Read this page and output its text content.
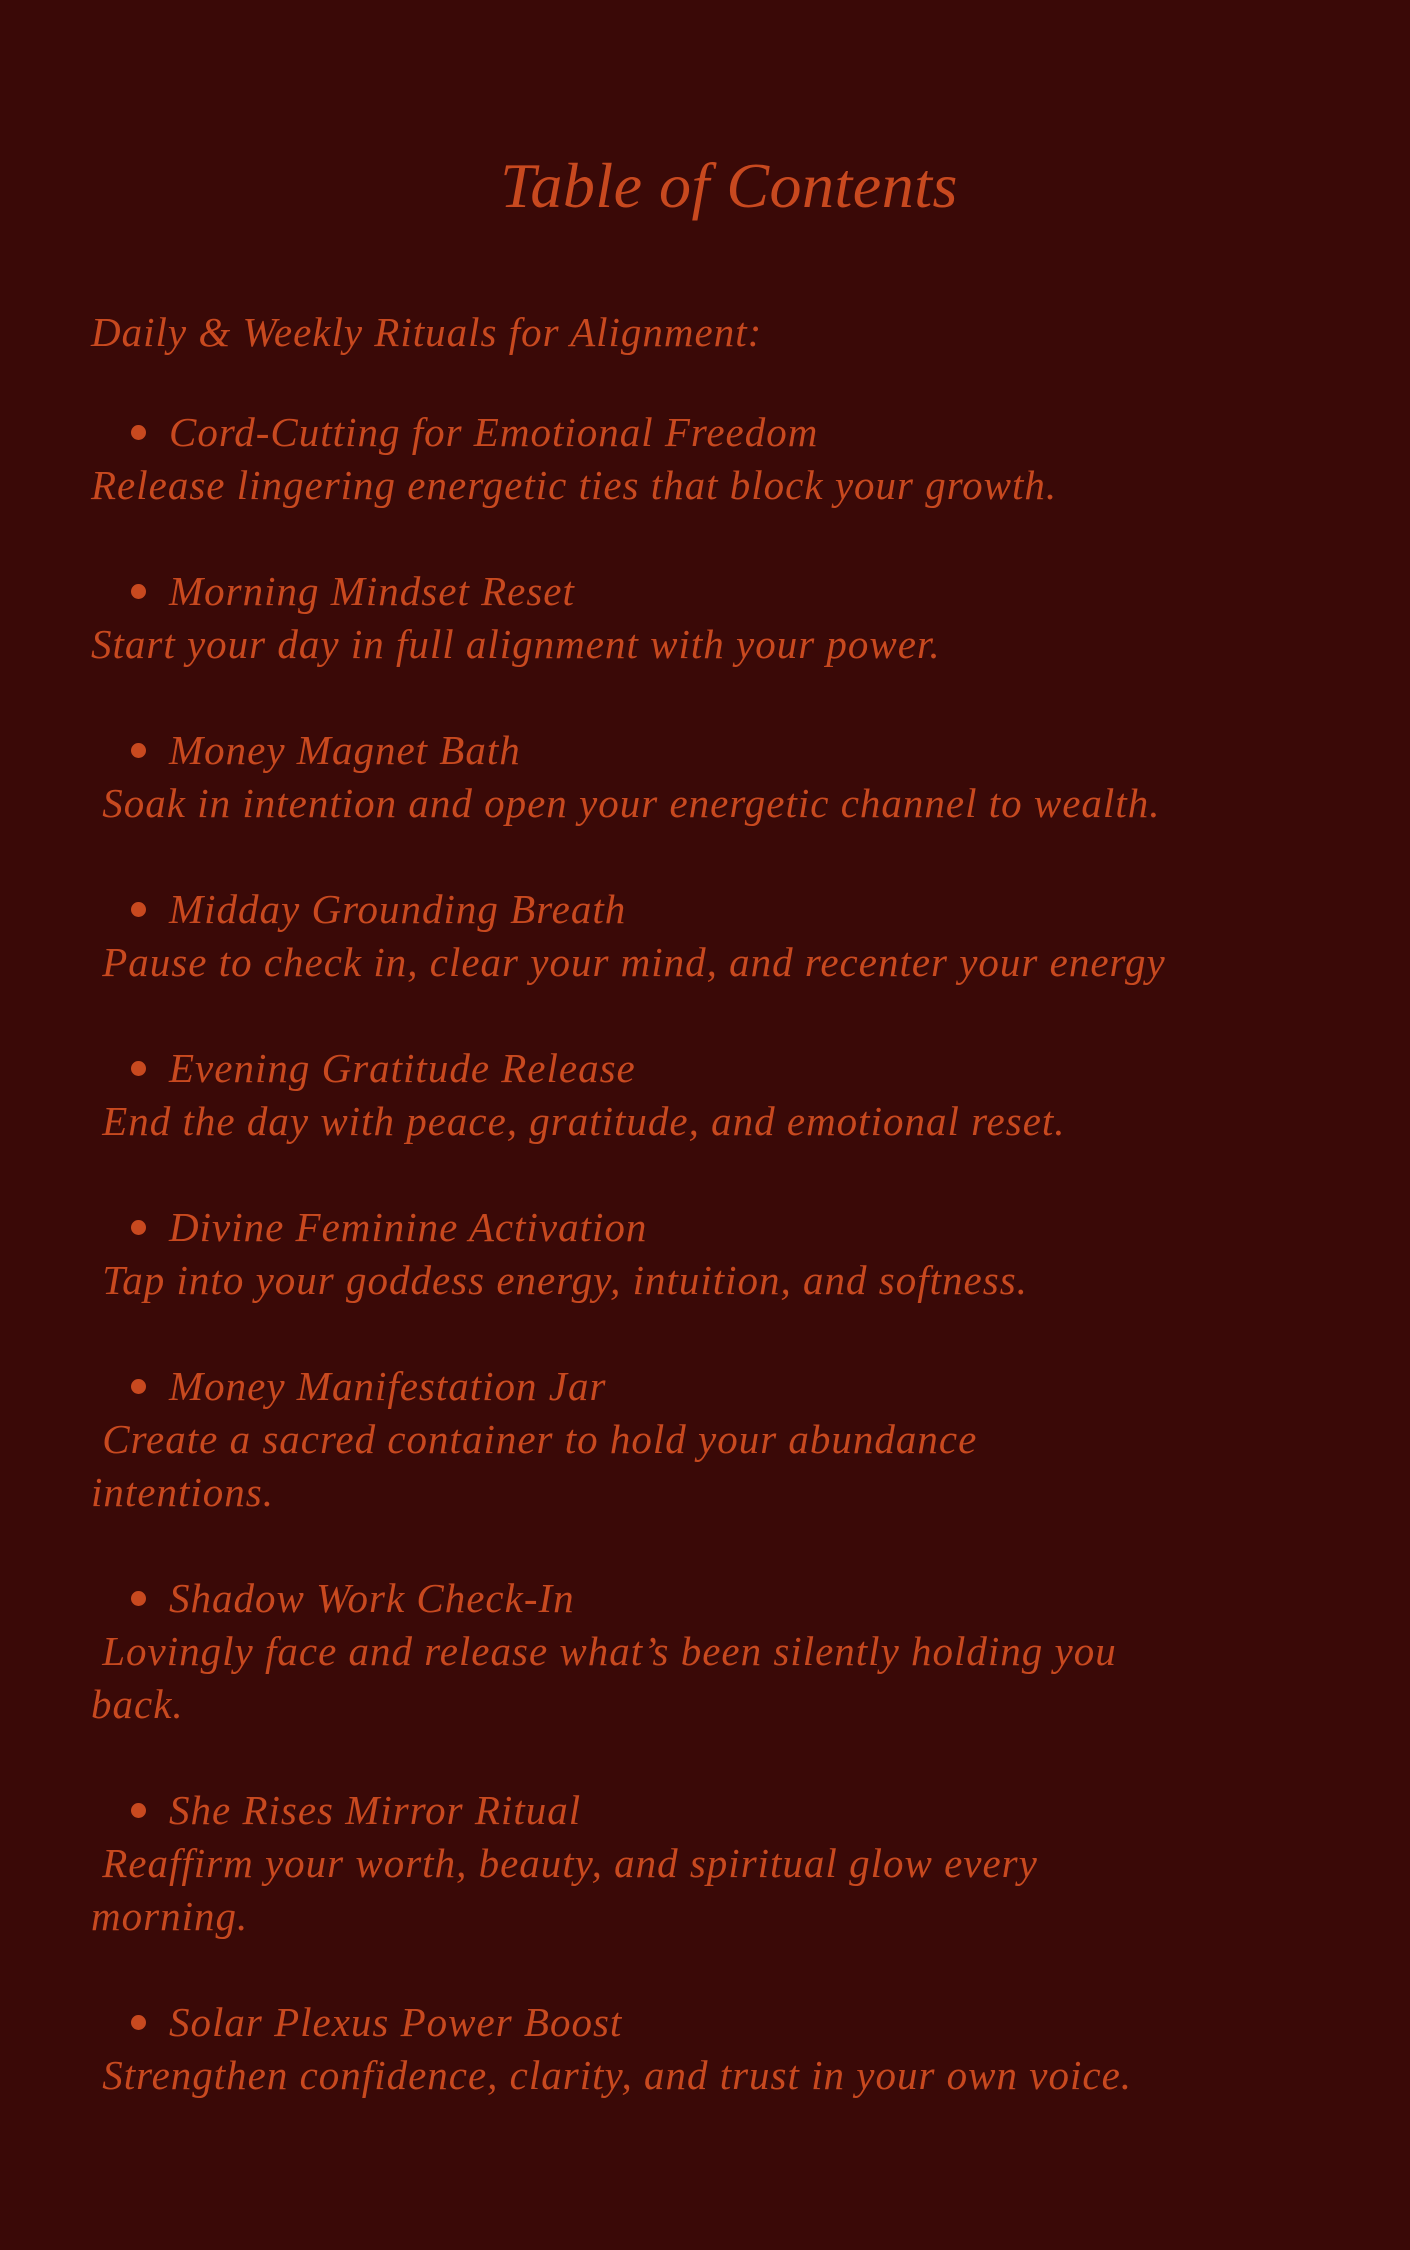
Table of Contents
Daily & Weekly Rituals for Alignment:
Cord-Cutting for Emotional Freedom
Release lingering energetic ties that block your growth.
Morning Mindset Reset
Start your day in full alignment with your power.
Money Magnet Bath
Soak in intention and open your energetic channel to wealth.
Midday Grounding Breath
Pause to check in, clear your mind, and recenter your energy
Evening Gratitude Release
End the day with peace, gratitude, and emotional reset.
Divine Feminine Activation
Tap into your goddess energy, intuition, and softness.
Money Manifestation Jar
Create a sacred container to hold your abundance
intentions.
Shadow Work Check-In
Lovingly face and release what’s been silently holding you
back.
She Rises Mirror Ritual
Reaffirm your worth, beauty, and spiritual glow every
morning.
Solar Plexus Power Boost
Strengthen confidence, clarity, and trust in your own voice.
